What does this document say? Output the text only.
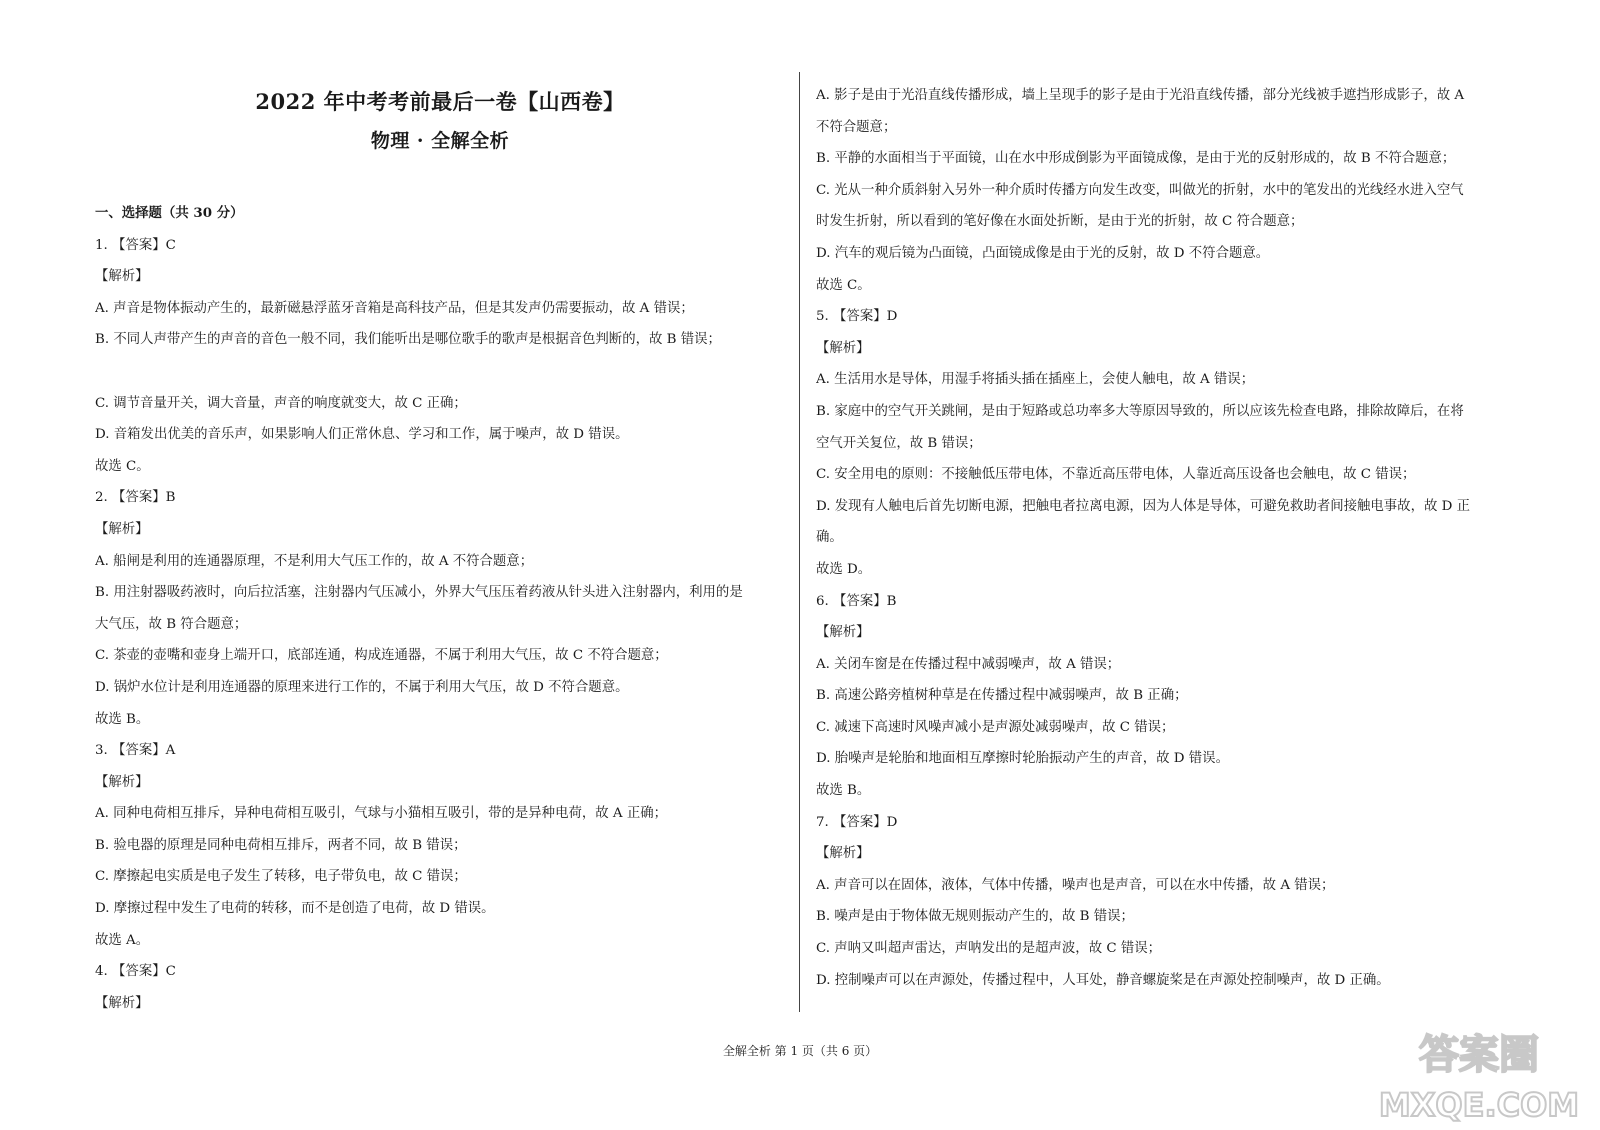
2022 年中考考前最后一卷【山西卷】
物理 · 全解全析
一、选择题（共 30 分）
1. 【答案】C
【解析】
A. 声音是物体振动产生的，最新磁悬浮蓝牙音箱是高科技产品，但是其发声仍需要振动，故 A 错误；
B. 不同人声带产生的声音的音色一般不同，我们能听出是哪位歌手的歌声是根据音色判断的，故 B 错误；
C. 调节音量开关，调大音量，声音的响度就变大，故 C 正确；
D. 音箱发出优美的音乐声，如果影响人们正常休息、学习和工作，属于噪声，故 D 错误。
故选 C。
2. 【答案】B
【解析】
A. 船闸是利用的连通器原理，不是利用大气压工作的，故 A 不符合题意；
B. 用注射器吸药液时，向后拉活塞，注射器内气压减小，外界大气压压着药液从针头进入注射器内，利用的是
大气压，故 B 符合题意；
C. 茶壶的壶嘴和壶身上端开口，底部连通，构成连通器，不属于利用大气压，故 C 不符合题意；
D. 锅炉水位计是利用连通器的原理来进行工作的，不属于利用大气压，故 D 不符合题意。
故选 B。
3. 【答案】A
【解析】
A. 同种电荷相互排斥，异种电荷相互吸引，气球与小猫相互吸引，带的是异种电荷，故 A 正确；
B. 验电器的原理是同种电荷相互排斥，两者不同，故 B 错误；
C. 摩擦起电实质是电子发生了转移，电子带负电，故 C 错误；
D. 摩擦过程中发生了电荷的转移，而不是创造了电荷，故 D 错误。
故选 A。
4. 【答案】C
【解析】
A. 影子是由于光沿直线传播形成，墙上呈现手的影子是由于光沿直线传播，部分光线被手遮挡形成影子，故 A
不符合题意；
B. 平静的水面相当于平面镜，山在水中形成倒影为平面镜成像，是由于光的反射形成的，故 B 不符合题意；
C. 光从一种介质斜射入另外一种介质时传播方向发生改变，叫做光的折射，水中的笔发出的光线经水进入空气
时发生折射，所以看到的笔好像在水面处折断，是由于光的折射，故 C 符合题意；
D. 汽车的观后镜为凸面镜，凸面镜成像是由于光的反射，故 D 不符合题意。
故选 C。
5. 【答案】D
【解析】
A. 生活用水是导体，用湿手将插头插在插座上，会使人触电，故 A 错误；
B. 家庭中的空气开关跳闸，是由于短路或总功率多大等原因导致的，所以应该先检查电路，排除故障后，在将
空气开关复位，故 B 错误；
C. 安全用电的原则：不接触低压带电体，不靠近高压带电体，人靠近高压设备也会触电，故 C 错误；
D. 发现有人触电后首先切断电源，把触电者拉离电源，因为人体是导体，可避免救助者间接触电事故，故 D 正
确。
故选 D。
6. 【答案】B
【解析】
A. 关闭车窗是在传播过程中减弱噪声，故 A 错误；
B. 高速公路旁植树种草是在传播过程中减弱噪声，故 B 正确；
C. 减速下高速时风噪声减小是声源处减弱噪声，故 C 错误；
D. 胎噪声是轮胎和地面相互摩擦时轮胎振动产生的声音，故 D 错误。
故选 B。
7. 【答案】D
【解析】
A. 声音可以在固体，液体，气体中传播，噪声也是声音，可以在水中传播，故 A 错误；
B. 噪声是由于物体做无规则振动产生的，故 B 错误；
C. 声呐又叫超声雷达，声呐发出的是超声波，故 C 错误；
D. 控制噪声可以在声源处，传播过程中，人耳处，静音螺旋桨是在声源处控制噪声，故 D 正确。
全解全析 第 1 页（共 6 页）	答案圈
MXQE.COM
